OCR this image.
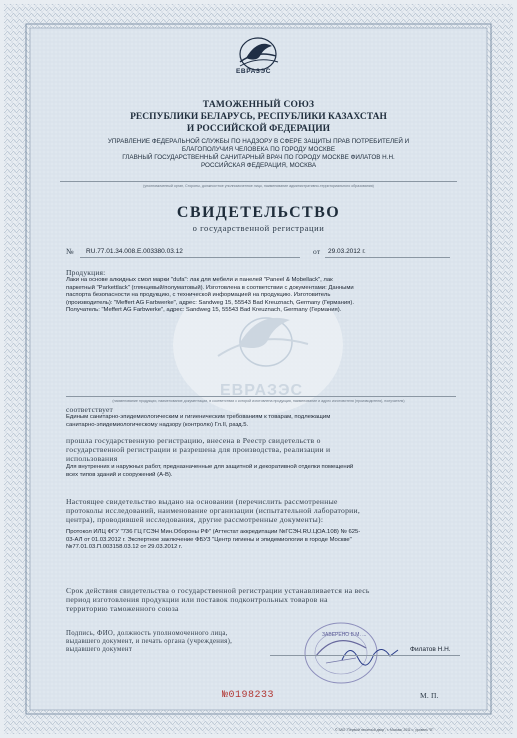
ЕВРАЗЭС
ЕВРАЗЭС
ТАМОЖЕННЫЙ СОЮЗ
РЕСПУБЛИКИ БЕЛАРУСЬ, РЕСПУБЛИКИ КАЗАХСТАН
И РОССИЙСКОЙ ФЕДЕРАЦИИ
УПРАВЛЕНИЕ ФЕДЕРАЛЬНОЙ СЛУЖБЫ ПО НАДЗОРУ В СФЕРЕ ЗАЩИТЫ ПРАВ ПОТРЕБИТЕЛЕЙ И
БЛАГОПОЛУЧИЯ ЧЕЛОВЕКА ПО ГОРОДУ МОСКВЕ
ГЛАВНЫЙ ГОСУДАРСТВЕННЫЙ САНИТАРНЫЙ ВРАЧ ПО ГОРОДУ МОСКВЕ ФИЛАТОВ Н.Н.
РОССИЙСКАЯ ФЕДЕРАЦИЯ, МОСКВА
(уполномоченный орган, Стороны, должностное уполномоченное лицо, наименование административно-территориального образования)
СВИДЕТЕЛЬСТВО
о государственной регистрации
№ RU.77.01.34.008.E.003380.03.12	от 29.03.2012 г.
Продукция:
Лаки на основе алкидных смол марки "dufa": лак для мебели и панелей "Paneel & Mobellack", лак
паркетный "Parkettlack" (глянцевый/полуматовый). Изготовлена в соответствии с документами: Данными
паспорта безопасности на продукцию, с технической информацией на продукцию. Изготовитель
(производитель): "Meffert AG Farbwerke", адрес: Sandweg 15, 55543 Bad Kreuznach, Germany (Германия).
Получатель: "Meffert AG Farbwerke", адрес: Sandweg 15, 55543 Bad Kreuznach, Germany (Германия).
(наименование продукции, наименование документации, в соответствии с которой изготовлена продукция, наименование и адрес изготовителя (производителя), получателя)
соответствует
Единым санитарно-эпидемиологическим и гигиеническим требованиям к товарам, подлежащим
санитарно-эпидемиологическому надзору (контролю) Гл.II, разд.5.
прошла государственную регистрацию, внесена в Реестр свидетельств о
государственной регистрации и разрешена для производства, реализации и
использования
Для внутренних и наружных работ, предназначенные для защитной и декоративной отделки помещений
всех типов зданий и сооружений (А-В).
Настоящее свидетельство выдано на основании (перечислить рассмотренные
протоколы исследований, наименование организации (испытательной лаборатории,
центра), проводившей исследования, другие рассмотренные документы):
Протокол ИЛЦ ФГУ "736 ГЦ ГСЭН Мин.Обороны РФ" (Аттестат аккредитации №ГСЭН.RU.ЦОА.108) № 625-
03-АЛ от 01.03.2012 г. Экспертное заключение ФБУЗ "Центр гигиены и эпидемиологии в городе Москве"
№77.01.03.П.003158.03.12 от 29.03.2012 г.
Срок действия свидетельства о государственной регистрации устанавливается на весь
период изготовления продукции или поставок подконтрольных товаров на
территорию таможенного союза
Подпись, ФИО, должность уполномоченного лица,
выдавшего документ, и печать органа (учреждения),
выдавшего документ
ЗАВЕРЕНО В.М. ...
Филатов Н.Н.
М. П.
№0198233
© ЗАО "Первый печатный двор", г. Москва, 2011 г., уровень "Б"
